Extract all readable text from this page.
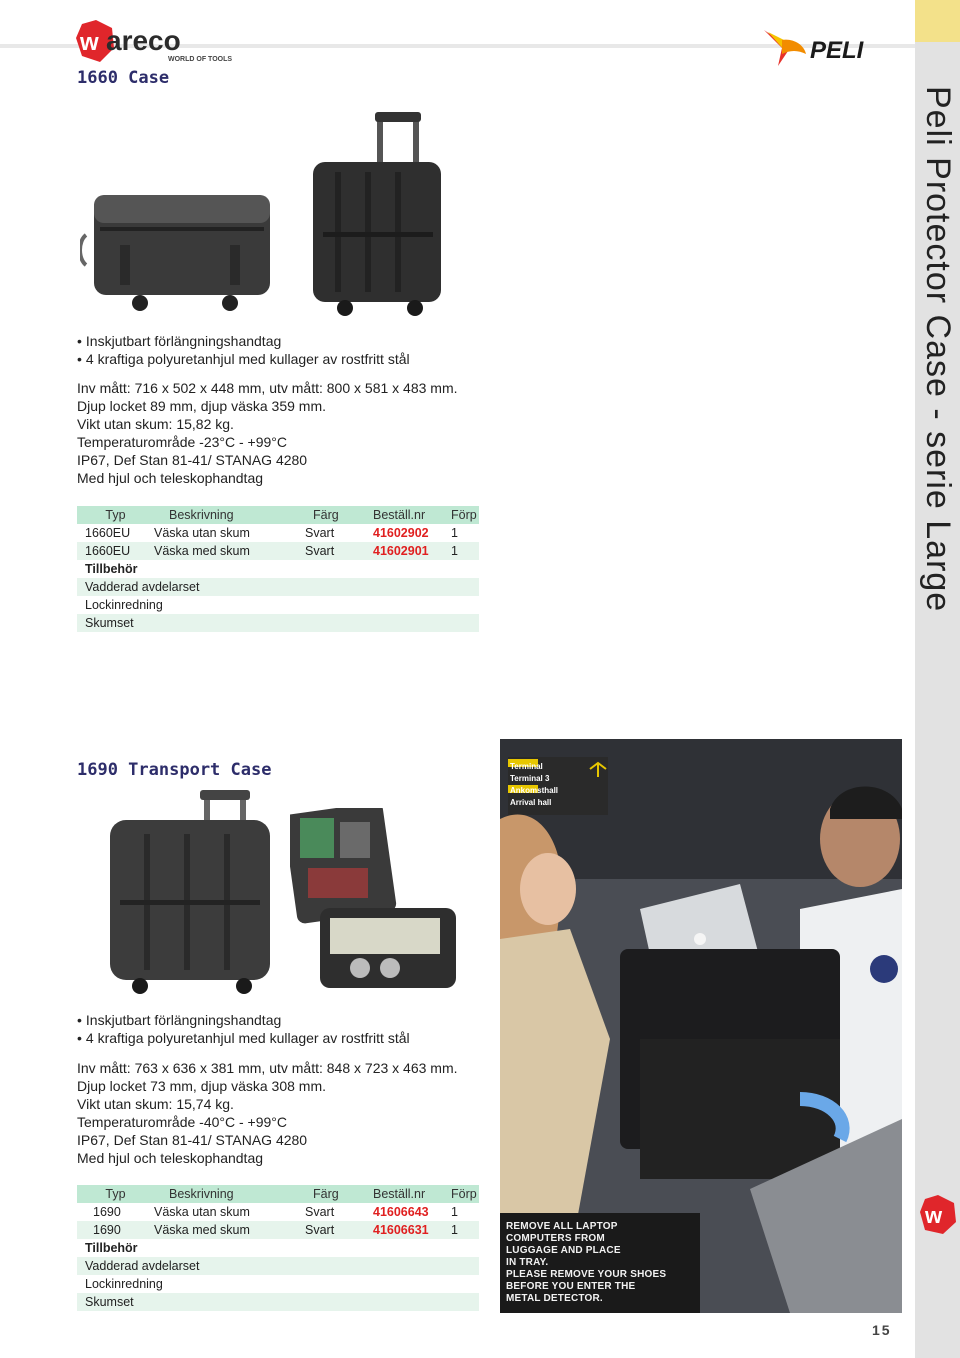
Peli Protector Case - serie Large
w areco
WORLD OF TOOLS	PELI
1660 Case
• Inskjutbart förlängningshandtag
• 4 kraftiga polyuretanhjul med kullager av rostfritt stål
Inv mått: 716 x 502 x 448 mm, utv mått: 800 x 581 x 483 mm.
Djup locket 89 mm, djup väska 359 mm.
Vikt utan skum: 15,82 kg.
Temperaturområde -23°C - +99°C
IP67, Def Stan 81-41/ STANAG 4280
Med hjul och teleskophandtag
Typ	Beskrivning	Färg	Beställ.nr	Förp
1660EU	Väska utan skum	Svart	41602902	1
1660EU	Väska med skum	Svart	41602901	1
Tillbehör				
Vadderad avdelarset				
Lockinredning				
Skumset				
1690 Transport Case
• Inskjutbart förlängningshandtag
• 4 kraftiga polyuretanhjul med kullager av rostfritt stål
Inv mått: 763 x 636 x 381 mm, utv mått: 848 x 723 x 463 mm.
Djup locket 73 mm, djup väska 308 mm.
Vikt utan skum: 15,74 kg.
Temperaturområde -40°C - +99°C
IP67, Def Stan 81-41/ STANAG 4280
Med hjul och teleskophandtag
Typ	Beskrivning	Färg	Beställ.nr	Förp
1690	Väska utan skum	Svart	41606643	1
1690	Väska med skum	Svart	41606631	1
Tillbehör				
Vadderad avdelarset				
Lockinredning				
Skumset				
Terminal
Terminal 3
Ankomsthall
Arrival hall
REMOVE ALL LAPTOP
COMPUTERS FROM
LUGGAGE AND PLACE
IN TRAY.
PLEASE REMOVE YOUR SHOES
BEFORE YOU ENTER THE
METAL DETECTOR.
w
15
